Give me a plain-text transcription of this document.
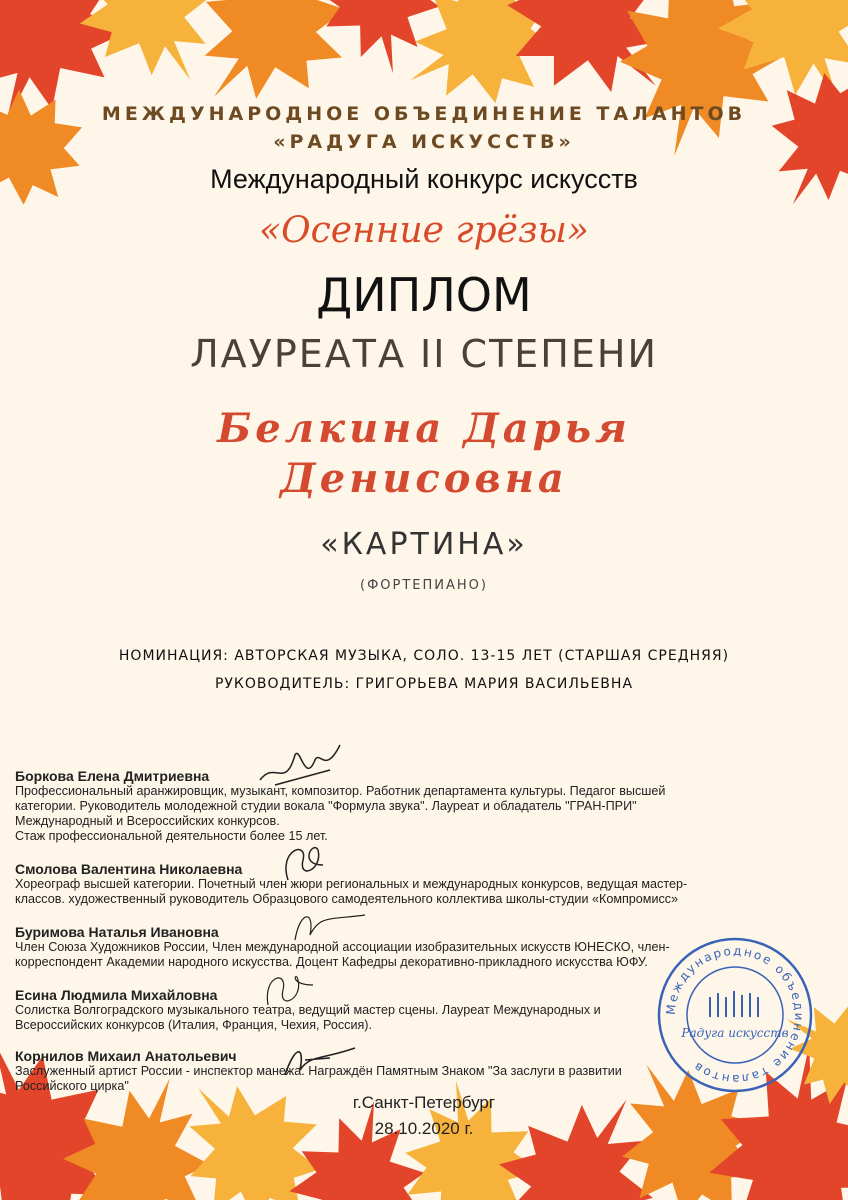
МЕЖДУНАРОДНОЕ ОБЪЕДИНЕНИЕ ТАЛАНТОВ
«РАДУГА ИСКУССТВ»
Международный конкурс искусств
«Осенние грёзы»
ДИПЛОМ
ЛАУРЕАТА II СТЕПЕНИ
Белкина Дарья
Денисовна
«КАРТИНА»
(ФОРТЕПИАНО)
НОМИНАЦИЯ: АВТОРСКАЯ МУЗЫКА, СОЛО. 13-15 ЛЕТ (СТАРШАЯ СРЕДНЯЯ)
РУКОВОДИТЕЛЬ: ГРИГОРЬЕВА МАРИЯ ВАСИЛЬЕВНА
Боркова Елена Дмитриевна
Профессиональный аранжировщик, музыкант, композитор. Работник департамента культуры. Педагог высшей
категории. Руководитель молодежной студии вокала "Формула звука". Лауреат и обладатель "ГРАН-ПРИ"
Международный и Всероссийских конкурсов.
Стаж профессиональной деятельности более 15 лет.
Смолова Валентина Николаевна
Хореограф высшей категории. Почетный член жюри региональных и международных конкурсов, ведущая мастер-
классов. художественный руководитель Образцового самодеятельного коллектива школы-студии «Компромисс»
Буримова Наталья Ивановна
Член Союза Художников России, Член международной ассоциации изобразительных искусств ЮНЕСКО, член-
корреспондент Академии народного искусства. Доцент Кафедры декоративно-прикладного искусства ЮФУ.
Есина Людмила Михайловна
Солистка Волгоградского музыкального театра, ведущий мастер сцены. Лауреат Международных и
Всероссийских конкурсов (Италия, Франция, Чехия, Россия).
Корнилов Михаил Анатольевич
Заслуженный артист России - инспектор манежа. Награждён Памятным Знаком "За заслуги в развитии
Российского цирка"
Международное объединение талантов
Радуга искусств
г.Санкт-Петербург
28.10.2020 г.
